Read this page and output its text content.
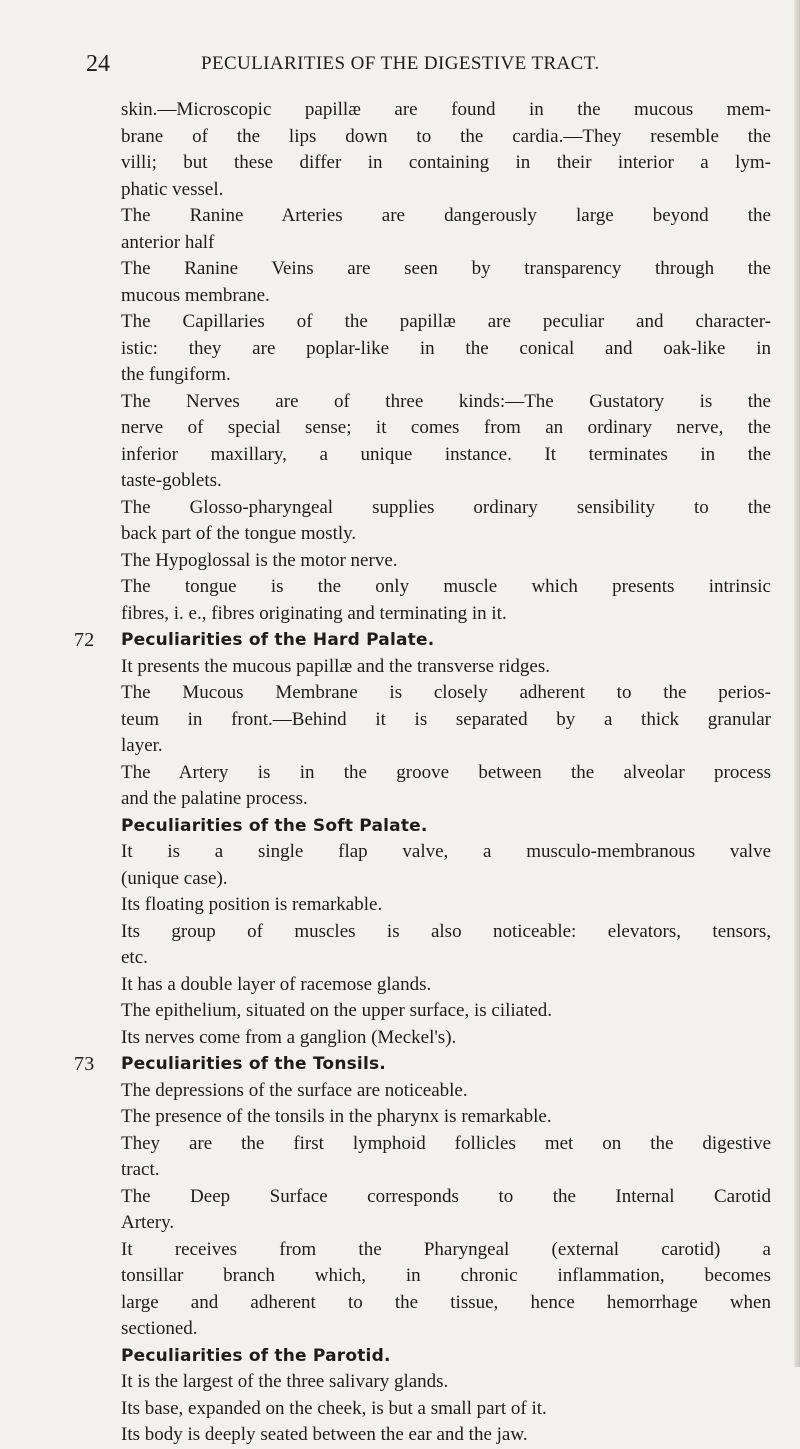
24	PECULIARITIES OF THE DIGESTIVE TRACT.
skin.—Microscopic papillæ are found in the mucous mem-
brane of the lips down to the cardia.—They resemble the
villi; but these differ in containing in their interior a lym-
phatic vessel.
The Ranine Arteries are dangerously large beyond the
anterior half
The Ranine Veins are seen by transparency through the
mucous membrane.
The Capillaries of the papillæ are peculiar and character-
istic: they are poplar-like in the conical and oak-like in
the fungiform.
The Nerves are of three kinds:—The Gustatory is the
nerve of special sense; it comes from an ordinary nerve, the
inferior maxillary, a unique instance. It terminates in the
taste-goblets.
The Glosso-pharyngeal supplies ordinary sensibility to the
back part of the tongue mostly.
The Hypoglossal is the motor nerve.
The tongue is the only muscle which presents intrinsic
fibres, i. e., fibres originating and terminating in it.
72 Peculiarities of the Hard Palate.
It presents the mucous papillæ and the transverse ridges.
The Mucous Membrane is closely adherent to the perios-
teum in front.—Behind it is separated by a thick granular
layer.
The Artery is in the groove between the alveolar process
and the palatine process.
Peculiarities of the Soft Palate.
It is a single flap valve, a musculo-membranous valve
(unique case).
Its floating position is remarkable.
Its group of muscles is also noticeable: elevators, tensors,
etc.
It has a double layer of racemose glands.
The epithelium, situated on the upper surface, is ciliated.
Its nerves come from a ganglion (Meckel's).
73 Peculiarities of the Tonsils.
The depressions of the surface are noticeable.
The presence of the tonsils in the pharynx is remarkable.
They are the first lymphoid follicles met on the digestive
tract.
The Deep Surface corresponds to the Internal Carotid
Artery.
It receives from the Pharyngeal (external carotid) a
tonsillar branch which, in chronic inflammation, becomes
large and adherent to the tissue, hence hemorrhage when
sectioned.
Peculiarities of the Parotid.
It is the largest of the three salivary glands.
Its base, expanded on the cheek, is but a small part of it.
Its body is deeply seated between the ear and the jaw.
